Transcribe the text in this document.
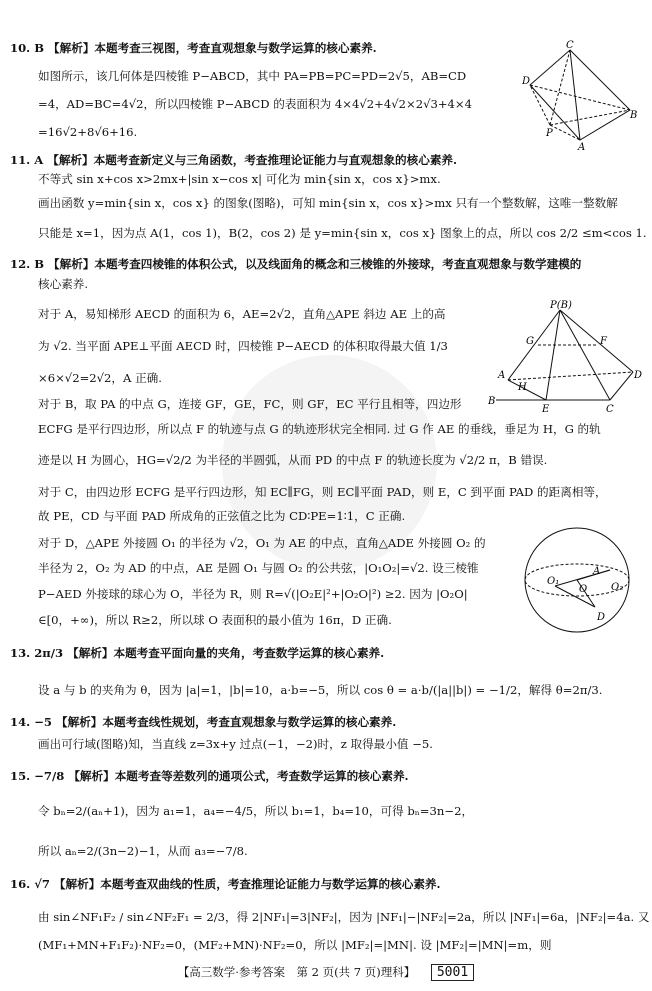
10. B 【解析】本题考查三视图，考查直观想象与数学运算的核心素养.
如图所示，该几何体是四棱锥 P−ABCD，其中 PA=PB=PC=PD=2√5，AB=CD
=4，AD=BC=4√2，所以四棱锥 P−ABCD 的表面积为 4×4√2+4√2×2√3+4×4
=16√2+8√6+16.
11. A 【解析】本题考查新定义与三角函数，考查推理论证能力与直观想象的核心素养.
不等式 sin x+cos x>2mx+|sin x−cos x| 可化为 min{sin x，cos x}>mx.
画出函数 y=min{sin x，cos x} 的图象(图略)，可知 min{sin x，cos x}>mx 只有一个整数解，这唯一整数解
只能是 x=1，因为点 A(1，cos 1)，B(2，cos 2) 是 y=min{sin x，cos x} 图象上的点，所以 cos 2/2 ≤m<cos 1.
12. B 【解析】本题考查四棱锥的体积公式，以及线面角的概念和三棱锥的外接球，考查直观想象与数学建模的
核心素养.
对于 A，易知梯形 AECD 的面积为 6，AE=2√2，直角△APE 斜边 AE 上的高
为 √2. 当平面 APE⊥平面 AECD 时，四棱锥 P−AECD 的体积取得最大值 1/3
×6×√2=2√2，A 正确.
对于 B，取 PA 的中点 G，连接 GF，GE，FC，则 GF，EC 平行且相等，四边形
ECFG 是平行四边形，所以点 F 的轨迹与点 G 的轨迹形状完全相同. 过 G 作 AE 的垂线，垂足为 H，G 的轨
迹是以 H 为圆心，HG=√2/2 为半径的半圆弧，从而 PD 的中点 F 的轨迹长度为 √2/2 π，B 错误.
对于 C，由四边形 ECFG 是平行四边形，知 EC∥FG，则 EC∥平面 PAD，则 E，C 到平面 PAD 的距离相等，
故 PE，CD 与平面 PAD 所成角的正弦值之比为 CD∶PE=1∶1，C 正确.
对于 D，△APE 外接圆 O₁ 的半径为 √2，O₁ 为 AE 的中点，直角△ADE 外接圆 O₂ 的
半径为 2，O₂ 为 AD 的中点，AE 是圆 O₁ 与圆 O₂ 的公共弦，|O₁O₂|=√2. 设三棱锥
P−AED 外接球的球心为 O，半径为 R，则 R=√(|O₂E|²+|O₂O|²) ≥2. 因为 |O₂O|
∈[0，+∞)，所以 R≥2，所以球 O 表面积的最小值为 16π，D 正确.
13. 2π/3 【解析】本题考查平面向量的夹角，考查数学运算的核心素养.
设 a 与 b 的夹角为 θ，因为 |a|=1，|b|=10，a·b=−5，所以 cos θ = a·b/(|a||b|) = −1/2，解得 θ=2π/3.
14. −5 【解析】本题考查线性规划，考查直观想象与数学运算的核心素养.
画出可行域(图略)知，当直线 z=3x+y 过点(−1，−2)时，z 取得最小值 −5.
15. −7/8 【解析】本题考查等差数列的通项公式，考查数学运算的核心素养.
令 bₙ=2/(aₙ+1)，因为 a₁=1，a₄=−4/5，所以 b₁=1，b₄=10，可得 bₙ=3n−2，
所以 aₙ=2/(3n−2)−1，从而 a₃=−7/8.
16. √7 【解析】本题考查双曲线的性质，考查推理论证能力与数学运算的核心素养.
由 sin∠NF₁F₂ / sin∠NF₂F₁ = 2/3，得 2|NF₁|=3|NF₂|，因为 |NF₁|−|NF₂|=2a，所以 |NF₁|=6a，|NF₂|=4a. 又
(MF₁+MN+F₁F₂)·NF₂=0，(MF₂+MN)·NF₂=0，所以 |MF₂|=|MN|. 设 |MF₂|=|MN|=m，则
C
D
P
B
A
P(B)
G	F
D
C
E
A
H
B
A
O₁
O O₂
D
【高三数学·参考答案　第 2 页(共 7 页)理科】 5001
